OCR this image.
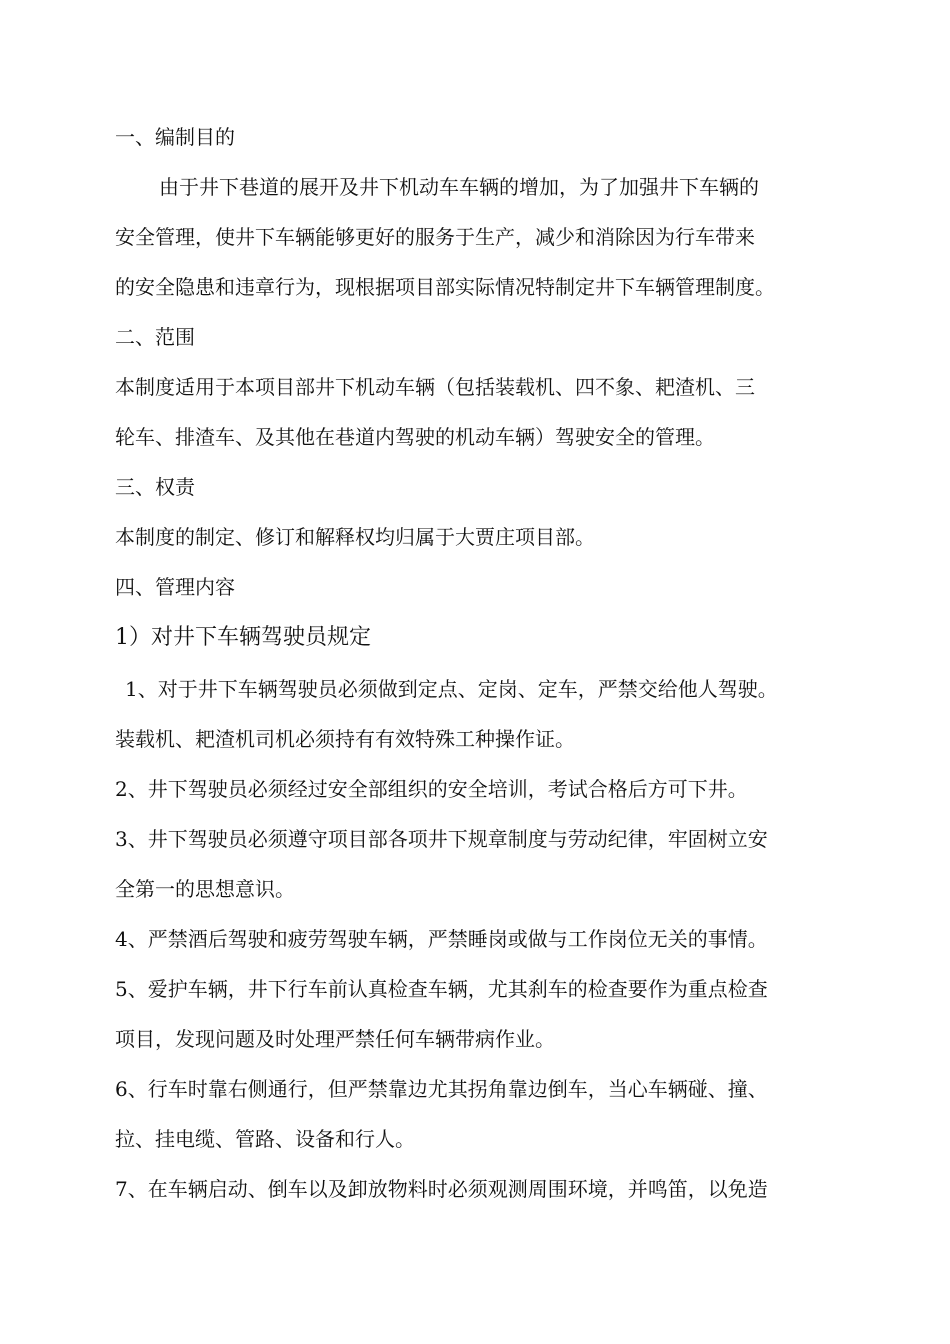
一、编制目的
由于井下巷道的展开及井下机动车车辆的增加，为了加强井下车辆的
安全管理，使井下车辆能够更好的服务于生产，减少和消除因为行车带来
的安全隐患和违章行为，现根据项目部实际情况特制定井下车辆管理制度。
二、范围
本制度适用于本项目部井下机动车辆（包括装载机、四不象、耙渣机、三
轮车、排渣车、及其他在巷道内驾驶的机动车辆）驾驶安全的管理。
三、权责
本制度的制定、修订和解释权均归属于大贾庄项目部。
四、管理内容
1）对井下车辆驾驶员规定
1、对于井下车辆驾驶员必须做到定点、定岗、定车，严禁交给他人驾驶。
装载机、耙渣机司机必须持有有效特殊工种操作证。
2、井下驾驶员必须经过安全部组织的安全培训，考试合格后方可下井。
3、井下驾驶员必须遵守项目部各项井下规章制度与劳动纪律，牢固树立安
全第一的思想意识。
4、严禁酒后驾驶和疲劳驾驶车辆，严禁睡岗或做与工作岗位无关的事情。
5、爱护车辆，井下行车前认真检查车辆，尤其刹车的检查要作为重点检查
项目，发现问题及时处理严禁任何车辆带病作业。
6、行车时靠右侧通行，但严禁靠边尤其拐角靠边倒车，当心车辆碰、撞、
拉、挂电缆、管路、设备和行人。
7、在车辆启动、倒车以及卸放物料时必须观测周围环境，并鸣笛，以免造
